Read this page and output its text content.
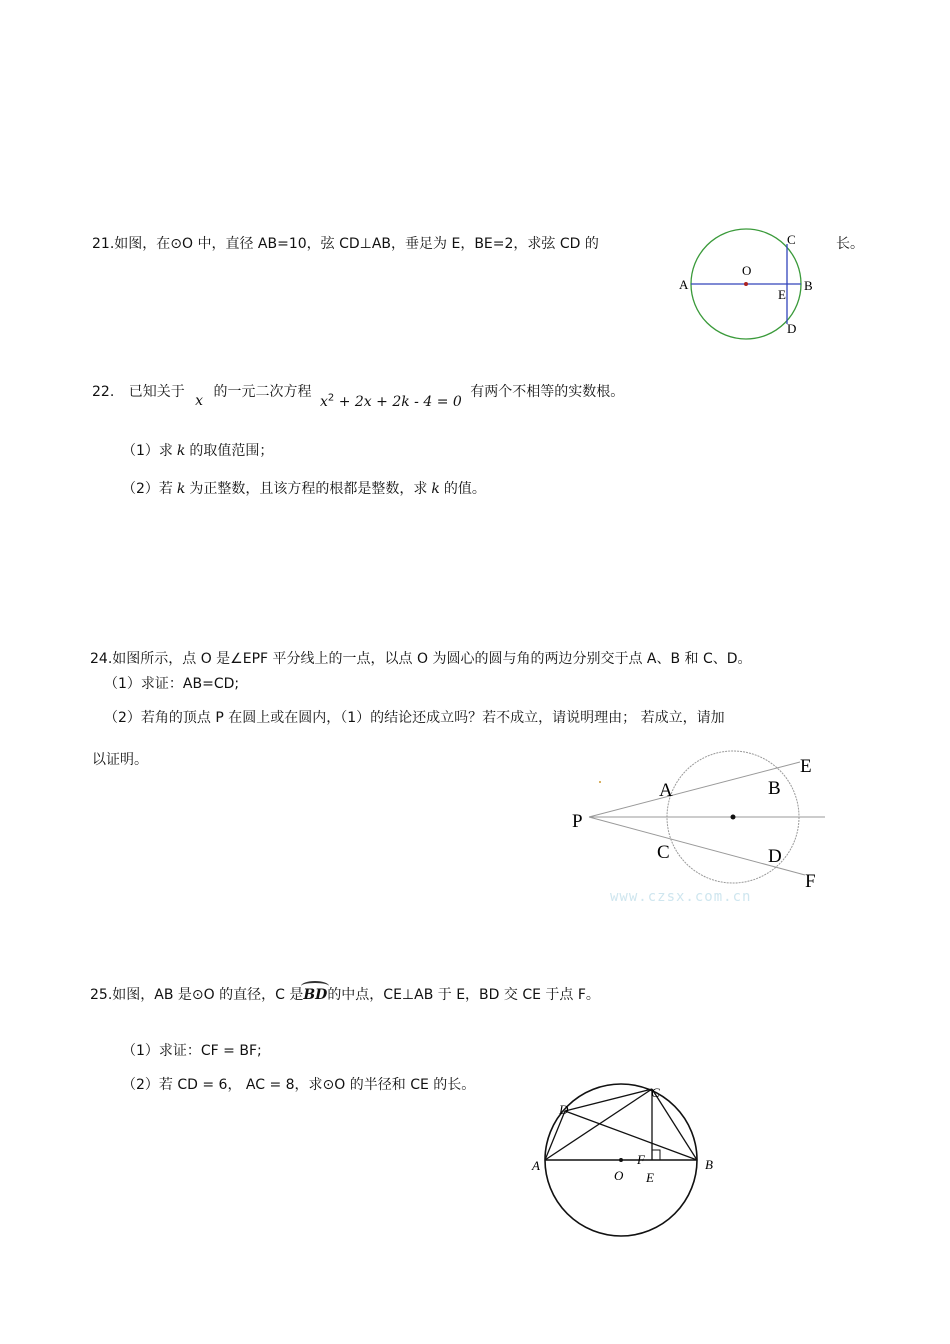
21.如图，在⊙O 中，直径 AB=10，弦 CD⊥AB，垂足为 E，BE=2，求弦 CD 的	长。
A	B
C
D
E
O
22. 已知关于 x 的一元二次方程 $x^2 + 2x + 2k - 4 = 0$ 有两个不相等的实数根。
（1）求 k 的取值范围；
（2）若 k 为正整数，且该方程的根都是整数，求 k 的值。
24.如图所示，点 O 是∠EPF 平分线上的一点，以点 O 为圆心的圆与角的两边分别交于点 A、B 和 C、D。
（1）求证：AB=CD;
（2）若角的顶点 P 在圆上或在圆内，（1）的结论还成立吗？若不成立，请说明理由； 若成立，请加
以证明。
P
A	B
C	D
E
F
www.czsx.com.cn
25.如图，AB 是⊙O 的直径，C 是BD的中点，CE⊥AB 于 E，BD 交 CE 于点 F。
（1）求证：CF = BF;
（2）若 CD = 6， AC = 8，求⊙O 的半径和 CE 的长。
A	B
C
D
E
F
O
